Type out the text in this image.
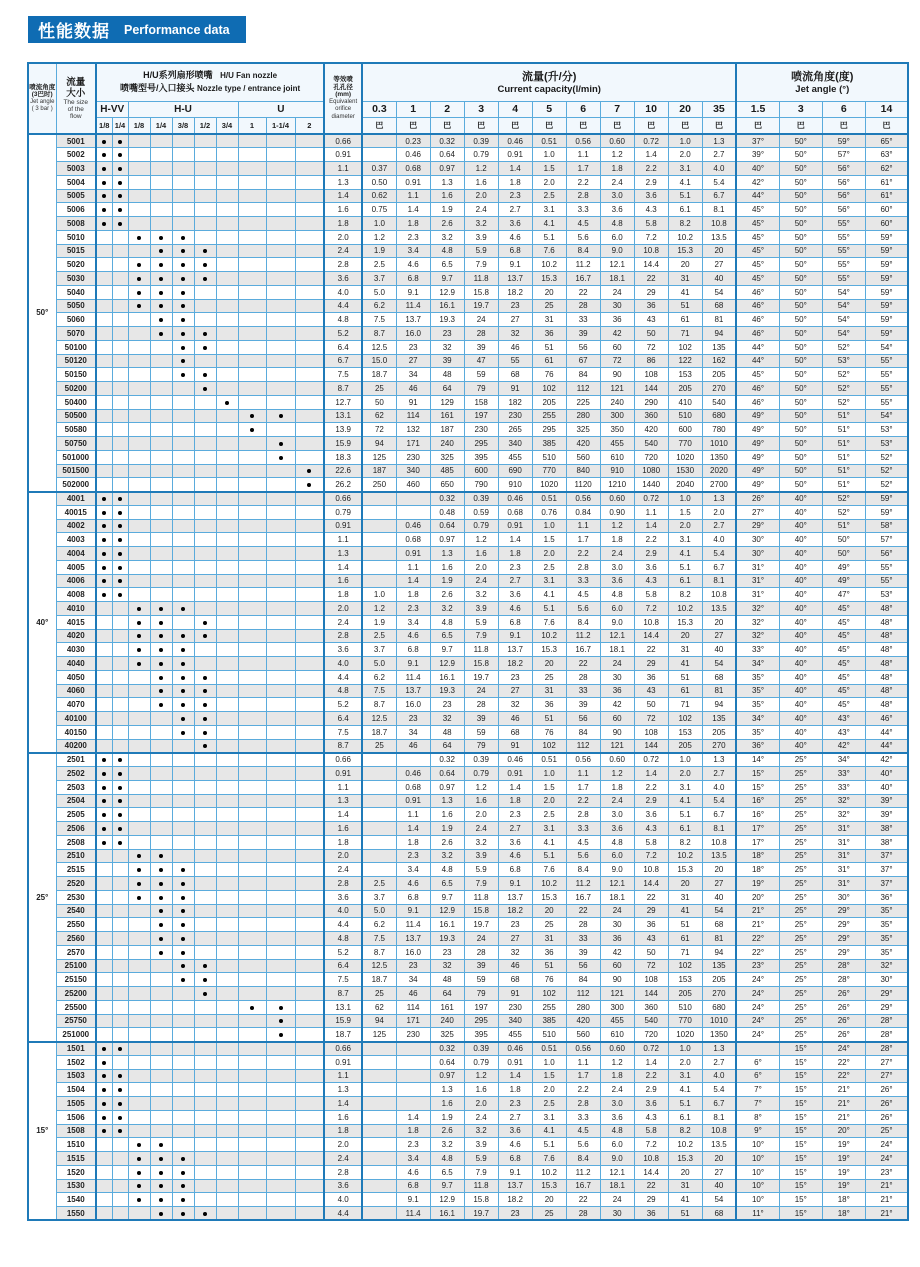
性能数据 Performance data
喷流角度
(3巴时)
Jet angle
( 3 bar )

流量
大小
The size
of the
flow

H/U系列扇形喷嘴 H/U Fan nozzle
喷嘴型号/入口接头 Nozzle type / entrance joint

等效喷
孔孔径
(mm)
Equivalent
orifice
diameter

流量(升/分)
Current capacity(l/min)

喷流角度(度)
Jet angle (°)

		H-VV		H-U					U				0.3	1	2	3	4	5	6	7	10	20	35	1.5	3	6	14
		1/8	1/4	1/8	1/4	3/8	1/2	3/4	1	1-1/4	2		巴	巴	巴	巴	巴	巴	巴	巴	巴	巴	巴	巴	巴	巴	巴
50°	5001											0.66		0.23	0.32	0.39	0.46	0.51	0.56	0.60	0.72	1.0	1.3	37°	50°	59°	65°
	5002											0.91		0.46	0.64	0.79	0.91	1.0	1.1	1.2	1.4	2.0	2.7	39°	50°	57°	63°
	5003											1.1	0.37	0.68	0.97	1.2	1.4	1.5	1.7	1.8	2.2	3.1	4.0	40°	50°	56°	62°
	5004											1.3	0.50	0.91	1.3	1.6	1.8	2.0	2.2	2.4	2.9	4.1	5.4	42°	50°	56°	61°
	5005											1.4	0.62	1.1	1.6	2.0	2.3	2.5	2.8	3.0	3.6	5.1	6.7	44°	50°	56°	61°
	5006											1.6	0.75	1.4	1.9	2.4	2.7	3.1	3.3	3.6	4.3	6.1	8.1	45°	50°	56°	60°
	5008											1.8	1.0	1.8	2.6	3.2	3.6	4.1	4.5	4.8	5.8	8.2	10.8	45°	50°	55°	60°
	5010											2.0	1.2	2.3	3.2	3.9	4.6	5.1	5.6	6.0	7.2	10.2	13.5	45°	50°	55°	59°
	5015											2.4	1.9	3.4	4.8	5.9	6.8	7.6	8.4	9.0	10.8	15.3	20	45°	50°	55°	59°
	5020											2.8	2.5	4.6	6.5	7.9	9.1	10.2	11.2	12.1	14.4	20	27	45°	50°	55°	59°
	5030											3.6	3.7	6.8	9.7	11.8	13.7	15.3	16.7	18.1	22	31	40	45°	50°	55°	59°
	5040											4.0	5.0	9.1	12.9	15.8	18.2	20	22	24	29	41	54	46°	50°	54°	59°
	5050											4.4	6.2	11.4	16.1	19.7	23	25	28	30	36	51	68	46°	50°	54°	59°
	5060											4.8	7.5	13.7	19.3	24	27	31	33	36	43	61	81	46°	50°	54°	59°
	5070											5.2	8.7	16.0	23	28	32	36	39	42	50	71	94	46°	50°	54°	59°
	50100											6.4	12.5	23	32	39	46	51	56	60	72	102	135	44°	50°	52°	54°
	50120											6.7	15.0	27	39	47	55	61	67	72	86	122	162	44°	50°	53°	55°
	50150											7.5	18.7	34	48	59	68	76	84	90	108	153	205	45°	50°	52°	55°
	50200											8.7	25	46	64	79	91	102	112	121	144	205	270	46°	50°	52°	55°
	50400											12.7	50	91	129	158	182	205	225	240	290	410	540	46°	50°	52°	55°
	50500											13.1	62	114	161	197	230	255	280	300	360	510	680	49°	50°	51°	54°
	50580											13.9	72	132	187	230	265	295	325	350	420	600	780	49°	50°	51°	53°
	50750											15.9	94	171	240	295	340	385	420	455	540	770	1010	49°	50°	51°	53°
	501000											18.3	125	230	325	395	455	510	560	610	720	1020	1350	49°	50°	51°	52°
	501500											22.6	187	340	485	600	690	770	840	910	1080	1530	2020	49°	50°	51°	52°
	502000											26.2	250	460	650	790	910	1020	1120	1210	1440	2040	2700	49°	50°	51°	52°
40°	4001											0.66			0.32	0.39	0.46	0.51	0.56	0.60	0.72	1.0	1.3	26°	40°	52°	59°
	40015											0.79			0.48	0.59	0.68	0.76	0.84	0.90	1.1	1.5	2.0	27°	40°	52°	59°
	4002											0.91		0.46	0.64	0.79	0.91	1.0	1.1	1.2	1.4	2.0	2.7	29°	40°	51°	58°
	4003											1.1		0.68	0.97	1.2	1.4	1.5	1.7	1.8	2.2	3.1	4.0	30°	40°	50°	57°
	4004											1.3		0.91	1.3	1.6	1.8	2.0	2.2	2.4	2.9	4.1	5.4	30°	40°	50°	56°
	4005											1.4		1.1	1.6	2.0	2.3	2.5	2.8	3.0	3.6	5.1	6.7	31°	40°	49°	55°
	4006											1.6		1.4	1.9	2.4	2.7	3.1	3.3	3.6	4.3	6.1	8.1	31°	40°	49°	55°
	4008											1.8	1.0	1.8	2.6	3.2	3.6	4.1	4.5	4.8	5.8	8.2	10.8	31°	40°	47°	53°
	4010											2.0	1.2	2.3	3.2	3.9	4.6	5.1	5.6	6.0	7.2	10.2	13.5	32°	40°	45°	48°
	4015											2.4	1.9	3.4	4.8	5.9	6.8	7.6	8.4	9.0	10.8	15.3	20	32°	40°	45°	48°
	4020											2.8	2.5	4.6	6.5	7.9	9.1	10.2	11.2	12.1	14.4	20	27	32°	40°	45°	48°
	4030											3.6	3.7	6.8	9.7	11.8	13.7	15.3	16.7	18.1	22	31	40	33°	40°	45°	48°
	4040											4.0	5.0	9.1	12.9	15.8	18.2	20	22	24	29	41	54	34°	40°	45°	48°
	4050											4.4	6.2	11.4	16.1	19.7	23	25	28	30	36	51	68	35°	40°	45°	48°
	4060											4.8	7.5	13.7	19.3	24	27	31	33	36	43	61	81	35°	40°	45°	48°
	4070											5.2	8.7	16.0	23	28	32	36	39	42	50	71	94	35°	40°	45°	48°
	40100											6.4	12.5	23	32	39	46	51	56	60	72	102	135	34°	40°	43°	46°
	40150											7.5	18.7	34	48	59	68	76	84	90	108	153	205	35°	40°	43°	44°
	40200											8.7	25	46	64	79	91	102	112	121	144	205	270	36°	40°	42°	44°
25°	2501											0.66			0.32	0.39	0.46	0.51	0.56	0.60	0.72	1.0	1.3	14°	25°	34°	42°
	2502											0.91		0.46	0.64	0.79	0.91	1.0	1.1	1.2	1.4	2.0	2.7	15°	25°	33°	40°
	2503											1.1		0.68	0.97	1.2	1.4	1.5	1.7	1.8	2.2	3.1	4.0	15°	25°	33°	40°
	2504											1.3		0.91	1.3	1.6	1.8	2.0	2.2	2.4	2.9	4.1	5.4	16°	25°	32°	39°
	2505											1.4		1.1	1.6	2.0	2.3	2.5	2.8	3.0	3.6	5.1	6.7	16°	25°	32°	39°
	2506											1.6		1.4	1.9	2.4	2.7	3.1	3.3	3.6	4.3	6.1	8.1	17°	25°	31°	38°
	2508											1.8		1.8	2.6	3.2	3.6	4.1	4.5	4.8	5.8	8.2	10.8	17°	25°	31°	38°
	2510											2.0		2.3	3.2	3.9	4.6	5.1	5.6	6.0	7.2	10.2	13.5	18°	25°	31°	37°
	2515											2.4		3.4	4.8	5.9	6.8	7.6	8.4	9.0	10.8	15.3	20	18°	25°	31°	37°
	2520											2.8	2.5	4.6	6.5	7.9	9.1	10.2	11.2	12.1	14.4	20	27	19°	25°	31°	37°
	2530											3.6	3.7	6.8	9.7	11.8	13.7	15.3	16.7	18.1	22	31	40	20°	25°	30°	36°
	2540											4.0	5.0	9.1	12.9	15.8	18.2	20	22	24	29	41	54	21°	25°	29°	35°
	2550											4.4	6.2	11.4	16.1	19.7	23	25	28	30	36	51	68	21°	25°	29°	35°
	2560											4.8	7.5	13.7	19.3	24	27	31	33	36	43	61	81	22°	25°	29°	35°
	2570											5.2	8.7	16.0	23	28	32	36	39	42	50	71	94	22°	25°	29°	35°
	25100											6.4	12.5	23	32	39	46	51	56	60	72	102	135	23°	25°	28°	32°
	25150											7.5	18.7	34	48	59	68	76	84	90	108	153	205	24°	25°	28°	30°
	25200											8.7	25	46	64	79	91	102	112	121	144	205	270	24°	25°	26°	29°
	25500											13.1	62	114	161	197	230	255	280	300	360	510	680	24°	25°	26°	29°
	25750											15.9	94	171	240	295	340	385	420	455	540	770	1010	24°	25°	26°	28°
	251000											18.7	125	230	325	395	455	510	560	610	720	1020	1350	24°	25°	26°	28°
15°	1501											0.66			0.32	0.39	0.46	0.51	0.56	0.60	0.72	1.0	1.3		15°	24°	28°
	1502											0.91			0.64	0.79	0.91	1.0	1.1	1.2	1.4	2.0	2.7	6°	15°	22°	27°
	1503											1.1			0.97	1.2	1.4	1.5	1.7	1.8	2.2	3.1	4.0	6°	15°	22°	27°
	1504											1.3			1.3	1.6	1.8	2.0	2.2	2.4	2.9	4.1	5.4	7°	15°	21°	26°
	1505											1.4			1.6	2.0	2.3	2.5	2.8	3.0	3.6	5.1	6.7	7°	15°	21°	26°
	1506											1.6		1.4	1.9	2.4	2.7	3.1	3.3	3.6	4.3	6.1	8.1	8°	15°	21°	26°
	1508											1.8		1.8	2.6	3.2	3.6	4.1	4.5	4.8	5.8	8.2	10.8	9°	15°	20°	25°
	1510											2.0		2.3	3.2	3.9	4.6	5.1	5.6	6.0	7.2	10.2	13.5	10°	15°	19°	24°
	1515											2.4		3.4	4.8	5.9	6.8	7.6	8.4	9.0	10.8	15.3	20	10°	15°	19°	24°
	1520											2.8		4.6	6.5	7.9	9.1	10.2	11.2	12.1	14.4	20	27	10°	15°	19°	23°
	1530											3.6		6.8	9.7	11.8	13.7	15.3	16.7	18.1	22	31	40	10°	15°	19°	21°
	1540											4.0		9.1	12.9	15.8	18.2	20	22	24	29	41	54	10°	15°	18°	21°
	1550											4.4		11.4	16.1	19.7	23	25	28	30	36	51	68	11°	15°	18°	21°
